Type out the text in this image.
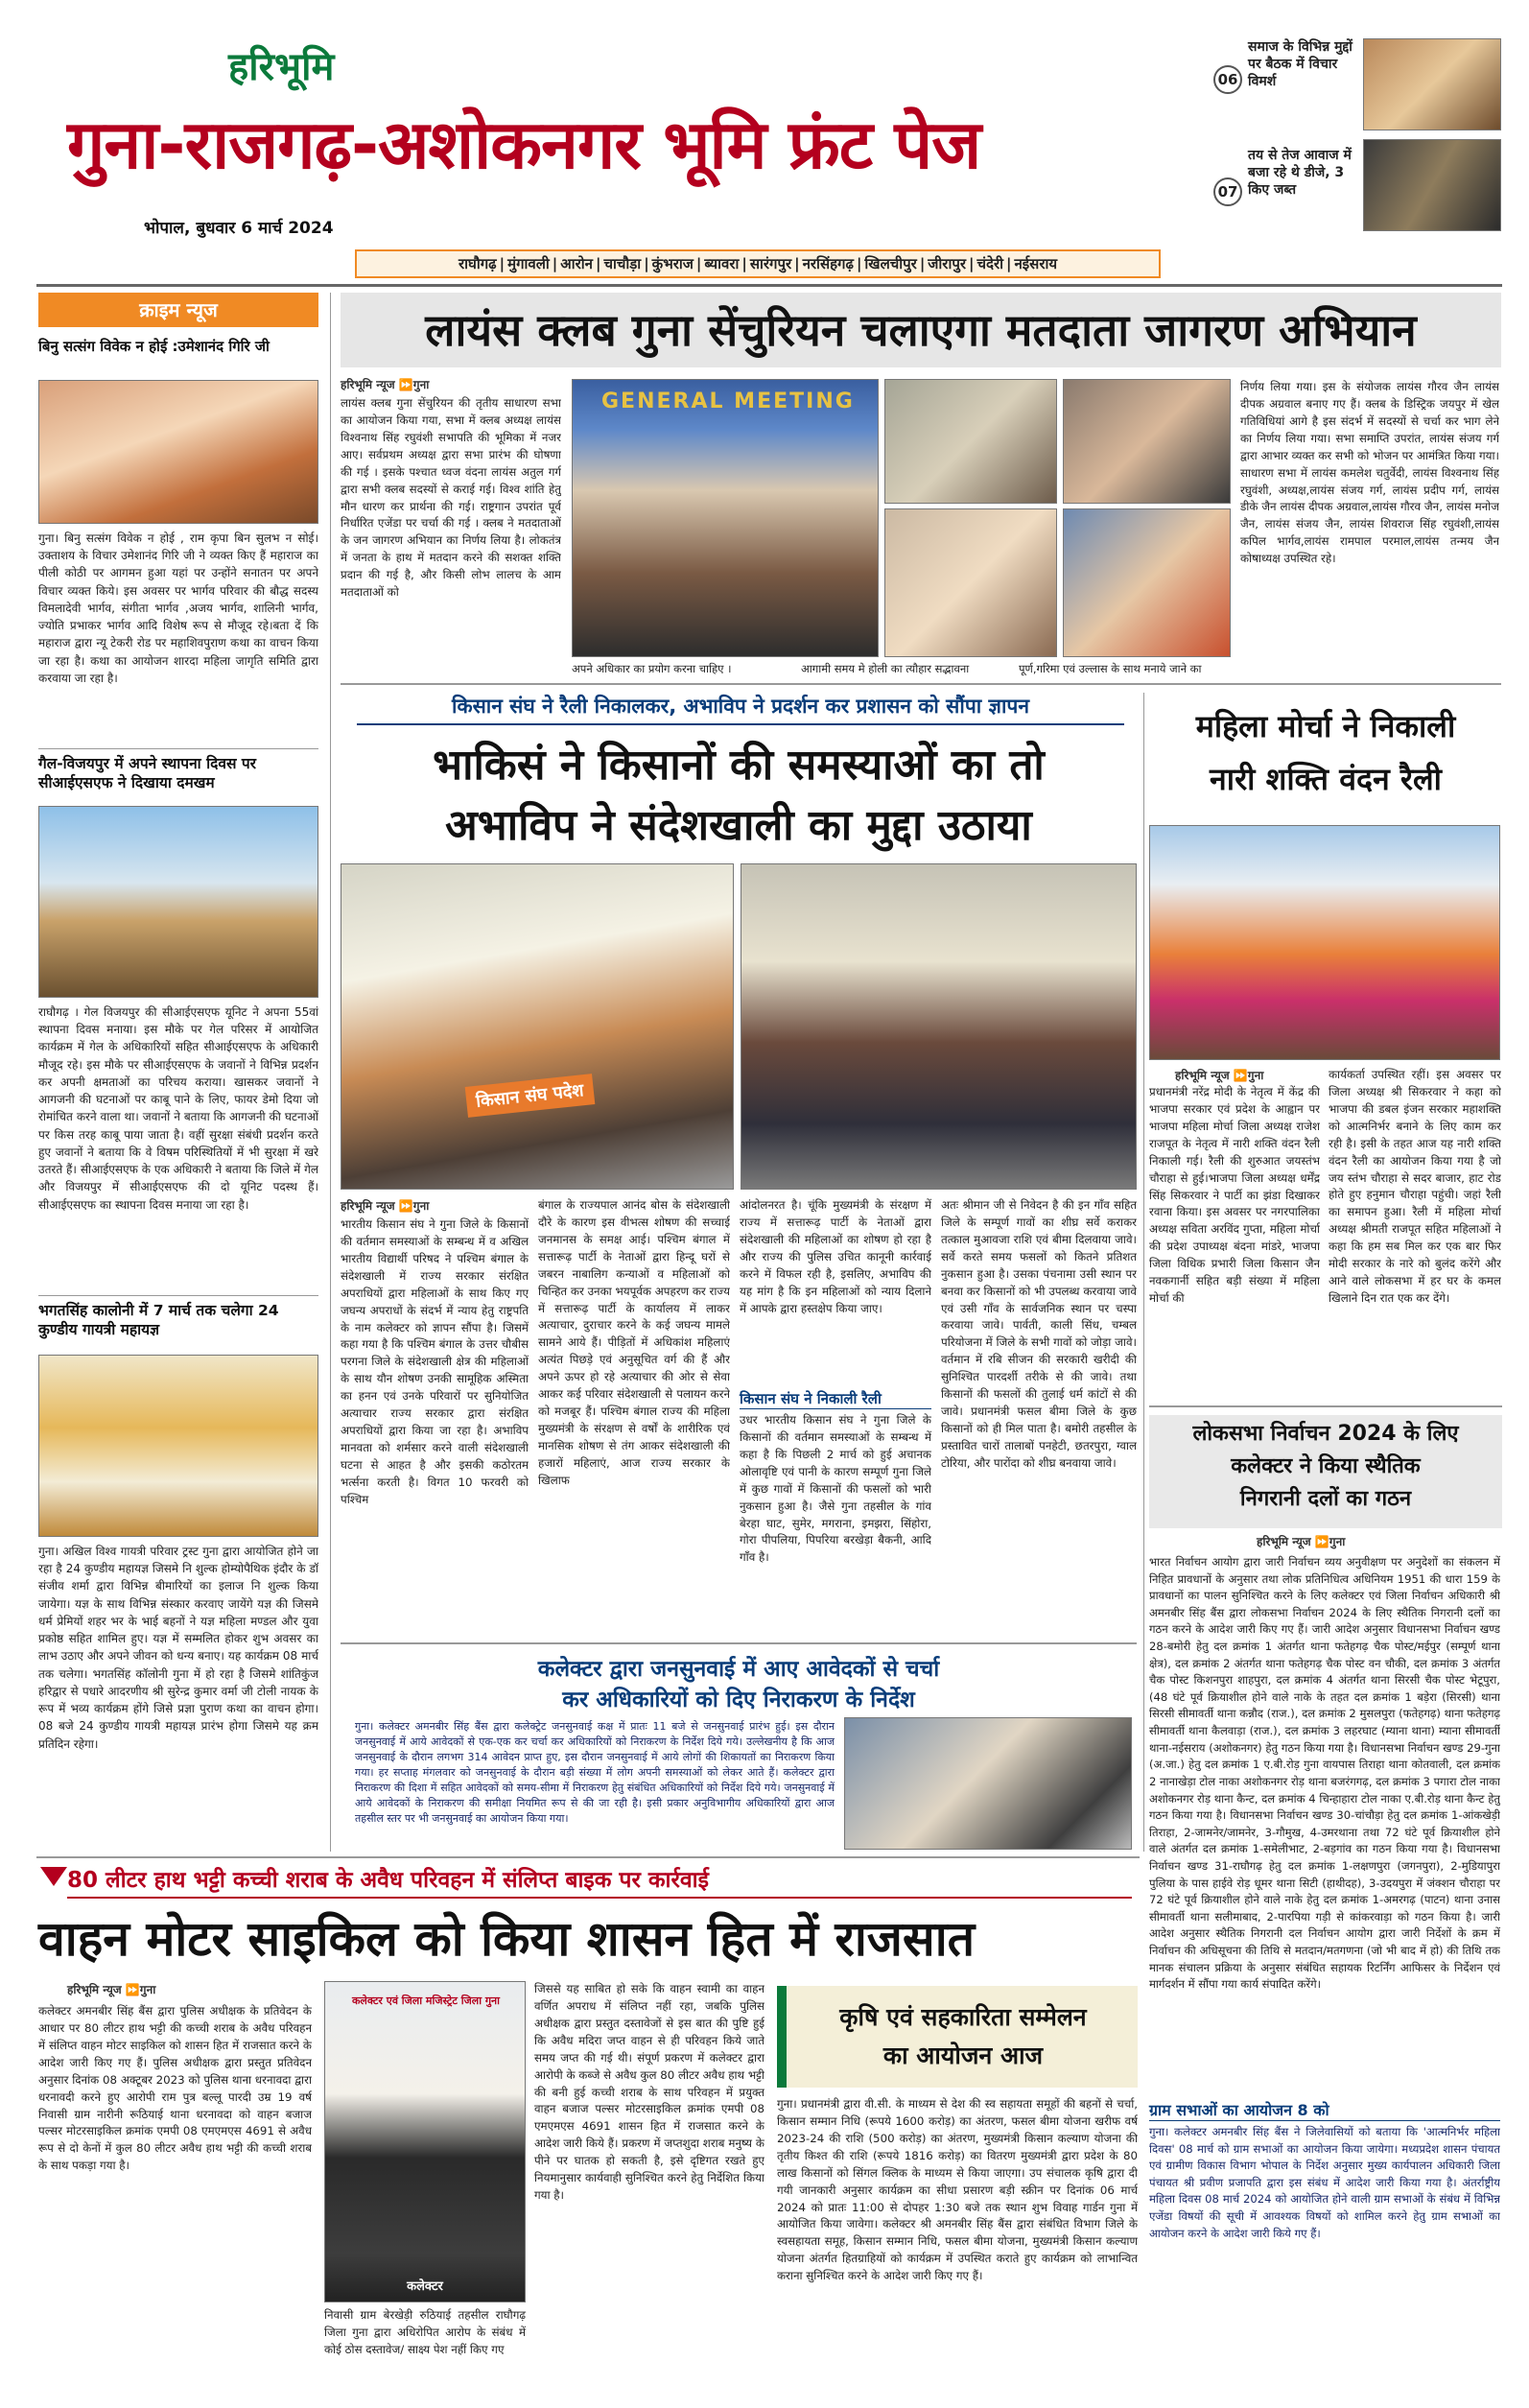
हरिभूमि
गुना-राजगढ़-अशोकनगर भूमि फ्रंट पेज
भोपाल, बुधवार 6 मार्च 2024
06
समाज के विभिन्न मुद्दों पर बैठक में विचार विमर्श
07
तय से तेज आवाज में बजा रहे थे डीजे, 3 किए जब्त
राघौगढ़ | मुंगावली | आरोन | चाचौड़ा | कुंभराज | ब्यावरा | सारंगपुर | नरसिंहगढ़ | खिलचीपुर | जीरापुर | चंदेरी | नईसराय
क्राइम न्यूज
बिनु सत्संग विवेक न होई :उमेशानंद गिरि जी
गुना। बिनु सत्संग विवेक न होई , राम कृपा बिन सुलभ न सोई। उक्ताशय के विचार उमेशानंद गिरि जी ने व्यक्त किए हैं महाराज का पीली कोठी पर आगमन हुआ यहां पर उन्होंने सनातन पर अपने विचार व्यक्त किये। इस अवसर पर भार्गव परिवार की बौद्ध सदस्य विमलादेवी भार्गव, संगीता भार्गव ,अजय भार्गव, शालिनी भार्गव, ज्योति प्रभाकर भार्गव आदि विशेष रूप से मौजूद रहे।बता दें कि महाराज द्वारा न्यू टेकरी रोड पर महाशिवपुराण कथा का वाचन किया जा रहा है। कथा का आयोजन शारदा महिला जागृति समिति द्वारा करवाया जा रहा है।
गैल-विजयपुर में अपने स्थापना दिवस पर सीआईएसएफ ने दिखाया दमखम
राघौगढ़ । गेल विजयपुर की सीआईएसएफ यूनिट ने अपना 55वां स्थापना दिवस मनाया। इस मौके पर गेल परिसर में आयोजित कार्यक्रम में गेल के अधिकारियों सहित सीआईएसएफ के अधिकारी मौजूद रहे। इस मौके पर सीआईएसएफ के जवानों ने विभिन्न प्रदर्शन कर अपनी क्षमताओं का परिचय कराया। खासकर जवानों ने आगजनी की घटनाओं पर काबू पाने के लिए, फायर डेमो दिया जो रोमांचित करने वाला था। जवानों ने बताया कि आगजनी की घटनाओं पर किस तरह काबू पाया जाता है। वहीं सुरक्षा संबंधी प्रदर्शन करते हुए जवानों ने बताया कि वे विषम परिस्थितियों में भी सुरक्षा में खरे उतरते हैं। सीआईएसएफ के एक अधिकारी ने बताया कि जिले में गेल और विजयपुर में सीआईएसएफ की दो यूनिट पदस्थ हैं। सीआईएसएफ का स्थापना दिवस मनाया जा रहा है।
भगतसिंह कालोनी में 7 मार्च तक चलेगा 24 कुण्डीय गायत्री महायज्ञ
गुना। अखिल विश्व गायत्री परिवार ट्रस्ट गुना द्वारा आयोजित होने जा रहा है 24 कुण्डीय महायज्ञ जिसमे नि शुल्क होम्योपैथिक इंदौर के डॉ संजीव शर्मा द्वारा विभिन्न बीमारियों का इलाज नि शुल्क किया जायेगा। यज्ञ के साथ विभिन्न संस्कार करवाए जायेंगे यज्ञ की जिसमे धर्म प्रेमियों शहर भर के भाई बहनों ने यज्ञ महिला मण्डल और युवा प्रकोष्ठ सहित शामिल हुए। यज्ञ में सम्मलित होकर शुभ अवसर का लाभ उठाए और अपने जीवन को धन्य बनाए। यह कार्यक्रम 08 मार्च तक चलेगा। भगतसिंह कॉलोनी गुना में हो रहा है जिसमे शांतिकुंज हरिद्वार से पधारे आदरणीय श्री सुरेन्द्र कुमार वर्मा जी टोली नायक के रूप में भव्य कार्यक्रम होंगे जिसे प्रज्ञा पुराण कथा का वाचन होगा। 08 बजे 24 कुण्डीय गायत्री महायज्ञ प्रारंभ होगा जिसमे यह क्रम प्रतिदिन रहेगा।
लायंस क्लब गुना सेंचुरियन चलाएगा मतदाता जागरण अभियान
हरिभूमि न्यूज ⏩गुना
लायंस क्लब गुना सेंचुरियन की तृतीय साधारण सभा का आयोजन किया गया, सभा में क्लब अध्यक्ष लायंस विश्वनाथ सिंह रघुवंशी सभापति की भूमिका में नजर आए। सर्वप्रथम अध्यक्ष द्वारा सभा प्रारंभ की घोषणा की गई । इसके पश्चात ध्वज वंदना लायंस अतुल गर्ग द्वारा सभी क्लब सदस्यों से कराई गई। विश्व शांति हेतु मौन धारण कर प्रार्थना की गई। राष्ट्रगान उपरांत पूर्व निर्धारित एजेंडा पर चर्चा की गई । क्लब ने मतदाताओं के जन जागरण अभियान का निर्णय लिया है। लोकतंत्र में जनता के हाथ में मतदान करने की सशक्त शक्ति प्रदान की गई है, और किसी लोभ लालच के आम मतदाताओं को
GENERAL MEETING
अपने अधिकार का प्रयोग करना चाहिए ।	आगामी समय मे होली का त्यौहार सद्भावना	पूर्ण,गरिमा एवं उल्लास के साथ मनाये जाने का
निर्णय लिया गया। इस के संयोजक लायंस गौरव जैन लायंस दीपक अग्रवाल बनाए गए हैं। क्लब के डिस्ट्रिक जयपुर में खेल गतिविधियां आगे है इस संदर्भ में सदस्यों से चर्चा कर भाग लेने का निर्णय लिया गया। सभा समाप्ति उपरांत, लायंस संजय गर्ग द्वारा आभार व्यक्त कर सभी को भोजन पर आमंत्रित किया गया। साधारण सभा में लायंस कमलेश चतुर्वेदी, लायंस विश्वनाथ सिंह रघुवंशी, अध्यक्ष,लायंस संजय गर्ग, लायंस प्रदीप गर्ग, लायंस डीके जैन लायंस दीपक अग्रवाल,लायंस गौरव जैन, लायंस मनोज जैन, लायंस संजय जैन, लायंस शिवराज सिंह रघुवंशी,लायंस कपिल भार्गव,लायंस रामपाल परमाल,लायंस तन्मय जैन कोषाध्यक्ष उपस्थित रहे।
किसान संघ ने रैली निकालकर, अभाविप ने प्रदर्शन कर प्रशासन को सौंपा ज्ञापन
भाकिसं ने किसानों की समस्याओं का तो
अभाविप ने संदेशखाली का मुद्दा उठाया
किसान संघ पदेश
हरिभूमि न्यूज ⏩गुना
भारतीय किसान संघ ने गुना जिले के किसानों की वर्तमान समस्याओं के सम्बन्ध में व अखिल भारतीय विद्यार्थी परिषद ने पश्चिम बंगाल के संदेशखाली में राज्य सरकार संरक्षित अपराधियों द्वारा महिलाओं के साथ किए गए जघन्य अपराधों के संदर्भ में न्याय हेतु राष्ट्रपति के नाम कलेक्टर को ज्ञापन सौंपा है। जिसमें कहा गया है कि पश्चिम बंगाल के उत्तर चौबीस परगना जिले के संदेशखाली क्षेत्र की महिलाओं के साथ यौन शोषण उनकी सामूहिक अस्मिता का हनन एवं उनके परिवारों पर सुनियोजित अत्याचार राज्य सरकार द्वारा संरक्षित अपराधियों द्वारा किया जा रहा है। अभाविप मानवता को शर्मसार करने वाली संदेशखाली घटना से आहत है और इसकी कठोरतम भर्त्सना करती है। विगत 10 फरवरी को पश्चिम
बंगाल के राज्यपाल आनंद बोस के संदेशखाली दौरे के कारण इस वीभत्स शोषण की सच्चाई जनमानस के समक्ष आई। पश्चिम बंगाल में सत्तारूढ़ पार्टी के नेताओं द्वारा हिन्दू घरों से जबरन नाबालिग कन्याओं व महिलाओं को चिन्हित कर उनका भयपूर्वक अपहरण कर राज्य में सत्तारूढ़ पार्टी के कार्यालय में लाकर अत्याचार, दुराचार करने के कई जघन्य मामले सामने आये हैं। पीड़ितों में अधिकांश महिलाएं अत्यंत पिछड़े एवं अनुसूचित वर्ग की हैं और अपने ऊपर हो रहे अत्याचार की ओर से सेवा आकर कई परिवार संदेशखाली से पलायन करने को मजबूर हैं। पश्चिम बंगाल राज्य की महिला मुख्यमंत्री के संरक्षण से वर्षों के शारीरिक एवं मानसिक शोषण से तंग आकर संदेशखाली की हजारों महिलाएं, आज राज्य सरकार के खिलाफ
आंदोलनरत है। चूंकि मुख्यमंत्री के संरक्षण में राज्य में सत्तारूढ़ पार्टी के नेताओं द्वारा संदेशखाली की महिलाओं का शोषण हो रहा है और राज्य की पुलिस उचित कानूनी कार्रवाई करने में विफल रही है, इसलिए, अभाविप की यह मांग है कि इन महिलाओं को न्याय दिलाने में आपके द्वारा हस्तक्षेप किया जाए।
किसान संघ ने निकाली रैली
उधर भारतीय किसान संघ ने गुना जिले के किसानों की वर्तमान समस्याओं के सम्बन्ध में कहा है कि पिछली 2 मार्च को हुई अचानक ओलावृष्टि एवं पानी के कारण सम्पूर्ण गुना जिले में कुछ गावों में किसानों की फसलों को भारी नुकसान हुआ है। जैसे गुना तहसील के गांव बेरहा घाट, सुमेर, मगराना, इमझरा, सिंहोरा, गोरा पीपलिया, पिपरिया बरखेड़ा बैकनी, आदि गाँव है।
अतः श्रीमान जी से निवेदन है की इन गाँव सहित जिले के सम्पूर्ण गावों का शीघ्र सर्वे कराकर तत्काल मुआवजा राशि एवं बीमा दिलवाया जावे। सर्वे करते समय फसलों को कितने प्रतिशत नुकसान हुआ है। उसका पंचनामा उसी स्थान पर बनवा कर किसानों को भी उपलब्ध करवाया जावे एवं उसी गाँव के सार्वजनिक स्थान पर चस्पा करवाया जावे। पार्वती, काली सिंध, चम्बल परियोजना में जिले के सभी गावों को जोड़ा जावे। वर्तमान में रबि सीजन की सरकारी खरीदी की सुनिश्चित पारदर्शी तरीके से की जावे। तथा किसानों की फसलों की तुलाई धर्म कांटों से की जावे। प्रधानमंत्री फसल बीमा जिले के कुछ किसानों को ही मिल पाता है। बमोरी तहसील के प्रस्तावित चारों तालाबों पनहेटी, छतरपुरा, ग्वाल टोरिया, और पारोंदा को शीघ्र बनवाया जावे।
महिला मोर्चा ने निकाली
नारी शक्ति वंदन रैली
हरिभूमि न्यूज ⏩गुना
प्रधानमंत्री नरेंद्र मोदी के नेतृत्व में केंद्र की भाजपा सरकार एवं प्रदेश के आह्वान पर भाजपा महिला मोर्चा जिला अध्यक्ष राजेश राजपूत के नेतृत्व में नारी शक्ति वंदन रैली निकाली गई। रैली की शुरुआत जयस्तंभ चौराहा से हुई।भाजपा जिला अध्यक्ष धर्मेंद्र सिंह सिकरवार ने पार्टी का झंडा दिखाकर रवाना किया। इस अवसर पर नगरपालिका अध्यक्ष सविता अरविंद गुप्ता, महिला मोर्चा की प्रदेश उपाध्यक्ष बंदना मांडरे, भाजपा जिला विधिक प्रभारी जिला किसान जैन नवकगार्नी सहित बड़ी संख्या में महिला मोर्चा की
कार्यकर्ता उपस्थित रहीं। इस अवसर पर जिला अध्यक्ष श्री सिकरवार ने कहा को भाजपा की डबल इंजन सरकार महाशक्ति को आत्मनिर्भर बनाने के लिए काम कर रही है। इसी के तहत आज यह नारी शक्ति वंदन रैली का आयोजन किया गया है जो जय स्तंभ चौराहा से सदर बाजार, हाट रोड होते हुए हनुमान चौराहा पहुंची। जहां रैली का समापन हुआ। रैली में महिला मोर्चा अध्यक्ष श्रीमती राजपूत सहित महिलाओं ने कहा कि हम सब मिल कर एक बार फिर मोदी सरकार के नारे को बुलंद करेंगे और आने वाले लोकसभा में हर घर के कमल खिलाने दिन रात एक कर देंगे।
लोकसभा निर्वाचन 2024 के लिए
कलेक्टर ने किया स्थैतिक
निगरानी दलों का गठन
हरिभूमि न्यूज ⏩गुना
भारत निर्वाचन आयोग द्वारा जारी निर्वाचन व्यय अनुवीक्षण पर अनुदेशों का संकलन में निहित प्रावधानों के अनुसार तथा लोक प्रतिनिधित्व अधिनियम 1951 की धारा 159 के प्रावधानों का पालन सुनिश्चित करने के लिए कलेक्टर एवं जिला निर्वाचन अधिकारी श्री अमनबीर सिंह बैंस द्वारा लोकसभा निर्वाचन 2024 के लिए स्थैतिक निगरानी दलों का गठन करने के आदेश जारी किए गए हैं। जारी आदेश अनुसार विधानसभा निर्वाचन खण्ड 28-बमोरी हेतु दल क्रमांक 1 अंतर्गत थाना फतेहगढ़ चैक पोस्ट/मईपुर (सम्पूर्ण थाना क्षेत्र), दल क्रमांक 2 अंतर्गत थाना फतेहगढ़ चैक पोस्ट वन चौकी, दल क्रमांक 3 अंतर्गत चैक पोस्ट किशनपुरा शाहपुरा, दल क्रमांक 4 अंतर्गत थाना सिरसी चैक पोस्ट भेटूपुरा, (48 घंटे पूर्व क्रियाशील होने वाले नाके के तहत दल क्रमांक 1 बड़ेरा (सिरसी) थाना सिरसी सीमावर्ती थाना कन्नौद (राज.), दल क्रमांक 2 मुसलपुरा (फतेहगढ़) थाना फतेहगढ़ सीमावर्ती थाना कैलवाड़ा (राज.), दल क्रमांक 3 लहरघाट (म्याना थाना) म्याना सीमावर्ती थाना-नईसराय (अशोकनगर) हेतु गठन किया गया है। विधानसभा निर्वाचन खण्ड 29-गुना (अ.जा.) हेतु दल क्रमांक 1 ए.बी.रोड़ गुना वायपास तिराहा थाना कोतवाली, दल क्रमांक 2 नानाखेड़ा टोल नाका अशोकनगर रोड़ थाना बजरंगगढ़, दल क्रमांक 3 पगारा टोल नाका अशोकनगर रोड़ थाना कैन्ट, दल क्रमांक 4 चिन्हाहारा टोल नाका ए.बी.रोड़ थाना कैन्ट हेतु गठन किया गया है। विधानसभा निर्वाचन खण्ड 30-चांचौड़ा हेतु दल क्रमांक 1-आंकखेड़ी तिराहा, 2-जामनेर/जामनेर, 3-गौमुख, 4-उमरथाना तथा 72 घंटे पूर्व क्रियाशील होने वाले अंतर्गत दल क्रमांक 1-समेलीभाट, 2-बड़गांव का गठन किया गया है। विधानसभा निर्वाचन खण्ड 31-राघौगढ़ हेतु दल क्रमांक 1-लक्षणपुरा (जगनपुरा), 2-मुडियापुरा पुलिया के पास हाईवे रोड़ धूमर थाना सिटी (हाथीदह), 3-उदयपुरा में जंक्शन चौराहा पर 72 घंटे पूर्व क्रियाशील होने वाले नाके हेतु दल क्रमांक 1-अमरगढ़ (पाटन) थाना उनास सीमावर्ती थाना सलीमाबाद, 2-पारपिया गड़ी से कांकरवाड़ा को गठन किया है। जारी आदेश अनुसार स्थैतिक निगरानी दल निर्वाचन आयोग द्वारा जारी निर्देशों के क्रम में निर्वाचन की अधिसूचना की तिथि से मतदान/मतगणना (जो भी बाद में हो) की तिथि तक मानक संचालन प्रक्रिया के अनुसार संबंधित सहायक रिटर्निंग आफिसर के निर्देशन एवं मार्गदर्शन में सौंपा गया कार्य संपादित करेंगे।
ग्राम सभाओं का आयोजन 8 को
गुना। कलेक्टर अमनबीर सिंह बैंस ने जिलेवासियों को बताया कि 'आत्मनिर्भर महिला दिवस' 08 मार्च को ग्राम सभाओं का आयोजन किया जायेगा। मध्यप्रदेश शासन पंचायत एवं ग्रामीण विकास विभाग भोपाल के निर्देश अनुसार मुख्य कार्यपालन अधिकारी जिला पंचायत श्री प्रवीण प्रजापति द्वारा इस संबंध में आदेश जारी किया गया है। अंतर्राष्ट्रीय महिला दिवस 08 मार्च 2024 को आयोजित होने वाली ग्राम सभाओं के संबंध में विभिन्न एजेंडा विषयों की सूची में आवश्यक विषयों को शामिल करने हेतु ग्राम सभाओं का आयोजन करने के आदेश जारी किये गए हैं।
कलेक्टर द्वारा जनसुनवाई में आए आवेदकों से चर्चा
कर अधिकारियों को दिए निराकरण के निर्देश
गुना। कलेक्टर अमनबीर सिंह बैंस द्वारा कलेक्ट्रेट जनसुनवाई कक्ष में प्रातः 11 बजे से जनसुनवाई प्रारंभ हुई। इस दौरान जनसुनवाई में आये आवेदकों से एक-एक कर चर्चा कर अधिकारियों को निराकरण के निर्देश दिये गये। उल्लेखनीय है कि आज जनसुनवाई के दौरान लगभग 314 आवेदन प्राप्त हुए, इस दौरान जनसुनवाई में आये लोगों की शिकायतों का निराकरण किया गया। हर सप्ताह मंगलवार को जनसुनवाई के दौरान बड़ी संख्या में लोग अपनी समस्याओं को लेकर आते हैं। कलेक्टर द्वारा निराकरण की दिशा में सहित आवेदकों को समय-सीमा में निराकरण हेतु संबंधित अधिकारियों को निर्देश दिये गये। जनसुनवाई में आये आवेदकों के निराकरण की समीक्षा नियमित रूप से की जा रही है। इसी प्रकार अनुविभागीय अधिकारियों द्वारा आज तहसील स्तर पर भी जनसुनवाई का आयोजन किया गया।
80 लीटर हाथ भट्टी कच्ची शराब के अवैध परिवहन में संलिप्त बाइक पर कार्रवाई
वाहन मोटर साइकिल को किया शासन हित में राजसात
हरिभूमि न्यूज ⏩गुना
कलेक्टर अमनबीर सिंह बैंस द्वारा पुलिस अधीक्षक के प्रतिवेदन के आधार पर 80 लीटर हाथ भट्टी की कच्ची शराब के अवैध परिवहन में संलिप्त वाहन मोटर साइकिल को शासन हित में राजसात करने के आदेश जारी किए गए हैं। पुलिस अधीक्षक द्वारा प्रस्तुत प्रतिवेदन अनुसार दिनांक 08 अक्टूबर 2023 को पुलिस थाना धरनावदा द्वारा धरनावदी करने हुए आरोपी राम पुत्र बल्लू पारदी उम्र 19 वर्ष निवासी ग्राम नारीनी रूठियाई थाना धरनावदा को वाहन बजाज पल्सर मोटरसाइकिल क्रमांक एमपी 08 एमएमएस 4691 से अवैध रूप से दो केनों में कुल 80 लीटर अवैध हाथ भट्टी की कच्ची शराब के साथ पकड़ा गया है।
कलेक्टर एवं जिला मजिस्ट्रेट जिला गुना
कलेक्टर
निवासी ग्राम बेरखेड़ी रुठियाई तहसील राघौगढ़ जिला गुना द्वारा अधिरोपित आरोप के संबंध में कोई ठोस दस्तावेज/ साक्ष्य पेश नहीं किए गए
जिससे यह साबित हो सके कि वाहन स्वामी का वाहन वर्णित अपराध में संलिप्त नहीं रहा, जबकि पुलिस अधीक्षक द्वारा प्रस्तुत दस्तावेजों से इस बात की पुष्टि हुई कि अवैध मदिरा जप्त वाहन से ही परिवहन किये जाते समय जप्त की गई थी। संपूर्ण प्रकरण में कलेक्टर द्वारा आरोपी के कब्जे से अवैध कुल 80 लीटर अवैध हाथ भट्टी की बनी हुई कच्ची शराब के साथ परिवहन में प्रयुक्त वाहन बजाज पल्सर मोटरसाइकिल क्रमांक एमपी 08 एमएमएस 4691 शासन हित में राजसात करने के आदेश जारी किये हैं। प्रकरण में जप्तशुदा शराब मनुष्य के पीने पर घातक हो सकती है, इसे दृष्टिगत रखते हुए नियमानुसार कार्यवाही सुनिश्चित करने हेतु निर्देशित किया गया है।
कृषि एवं सहकारिता सम्मेलन
का आयोजन आज
गुना। प्रधानमंत्री द्वारा वी.सी. के माध्यम से देश की स्व सहायता समूहों की बहनों से चर्चा, किसान सम्मान निधि (रूपये 1600 करोड़) का अंतरण, फसल बीमा योजना खरीफ वर्ष 2023-24 की राशि (500 करोड़) का अंतरण, मुख्यमंत्री किसान कल्याण योजना की तृतीय किश्त की राशि (रूपये 1816 करोड़) का वितरण मुख्यमंत्री द्वारा प्रदेश के 80 लाख किसानों को सिंगल क्लिक के माध्यम से किया जाएगा। उप संचालक कृषि द्वारा दी गयी जानकारी अनुसार कार्यक्रम का सीधा प्रसारण बड़ी स्क्रीन पर दिनांक 06 मार्च 2024 को प्रातः 11:00 से दोपहर 1:30 बजे तक स्थान शुभ विवाह गार्डन गुना में आयोजित किया जावेगा। कलेक्टर श्री अमनबीर सिंह बैंस द्वारा संबंधित विभाग जिले के स्वसहायता समूह, किसान सम्मान निधि, फसल बीमा योजना, मुख्यमंत्री किसान कल्याण योजना अंतर्गत हितग्राहियों को कार्यक्रम में उपस्थित कराते हुए कार्यक्रम को लाभान्वित कराना सुनिश्चित करने के आदेश जारी किए गए हैं।
